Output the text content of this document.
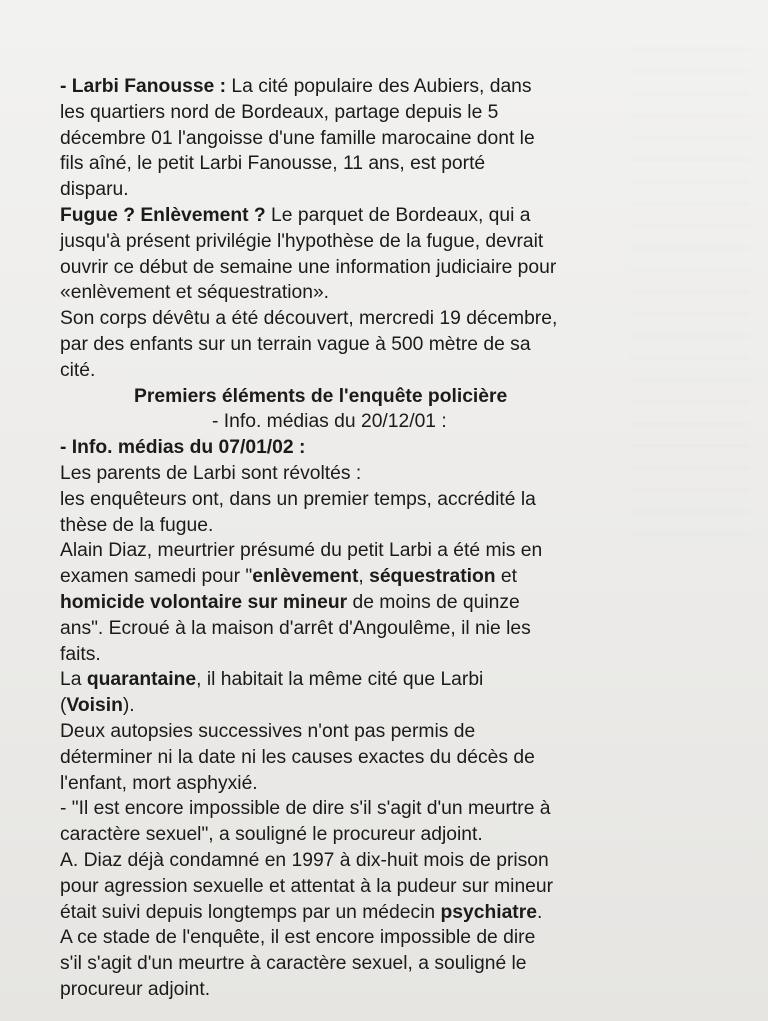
- Larbi Fanousse : La cité populaire des Aubiers, dans
les quartiers nord de Bordeaux, partage depuis le 5
décembre 01 l'angoisse d'une famille marocaine dont le
fils aîné, le petit Larbi Fanousse, 11 ans, est porté
disparu.
Fugue ? Enlèvement ? Le parquet de Bordeaux, qui a
jusqu'à présent privilégie l'hypothèse de la fugue, devrait
ouvrir ce début de semaine une information judiciaire pour
«enlèvement et séquestration».
Son corps dévêtu a été découvert, mercredi 19 décembre,
par des enfants sur un terrain vague à 500 mètre de sa
cité.
Premiers éléments de l'enquête policière
- Info. médias du 20/12/01 :
- Info. médias du 07/01/02 :
Les parents de Larbi sont révoltés :
les enquêteurs ont, dans un premier temps, accrédité la
thèse de la fugue.
Alain Diaz, meurtrier présumé du petit Larbi a été mis en
examen samedi pour "enlèvement, séquestration et
homicide volontaire sur mineur de moins de quinze
ans". Ecroué à la maison d'arrêt d'Angoulême, il nie les
faits.
La quarantaine, il habitait la même cité que Larbi
(Voisin).
Deux autopsies successives n'ont pas permis de
déterminer ni la date ni les causes exactes du décès de
l'enfant, mort asphyxié.
- "Il est encore impossible de dire s'il s'agit d'un meurtre à
caractère sexuel", a souligné le procureur adjoint.
A. Diaz déjà condamné en 1997 à dix-huit mois de prison
pour agression sexuelle et attentat à la pudeur sur mineur
était suivi depuis longtemps par un médecin psychiatre.
A ce stade de l'enquête, il est encore impossible de dire
s'il s'agit d'un meurtre à caractère sexuel, a souligné le
procureur adjoint.
